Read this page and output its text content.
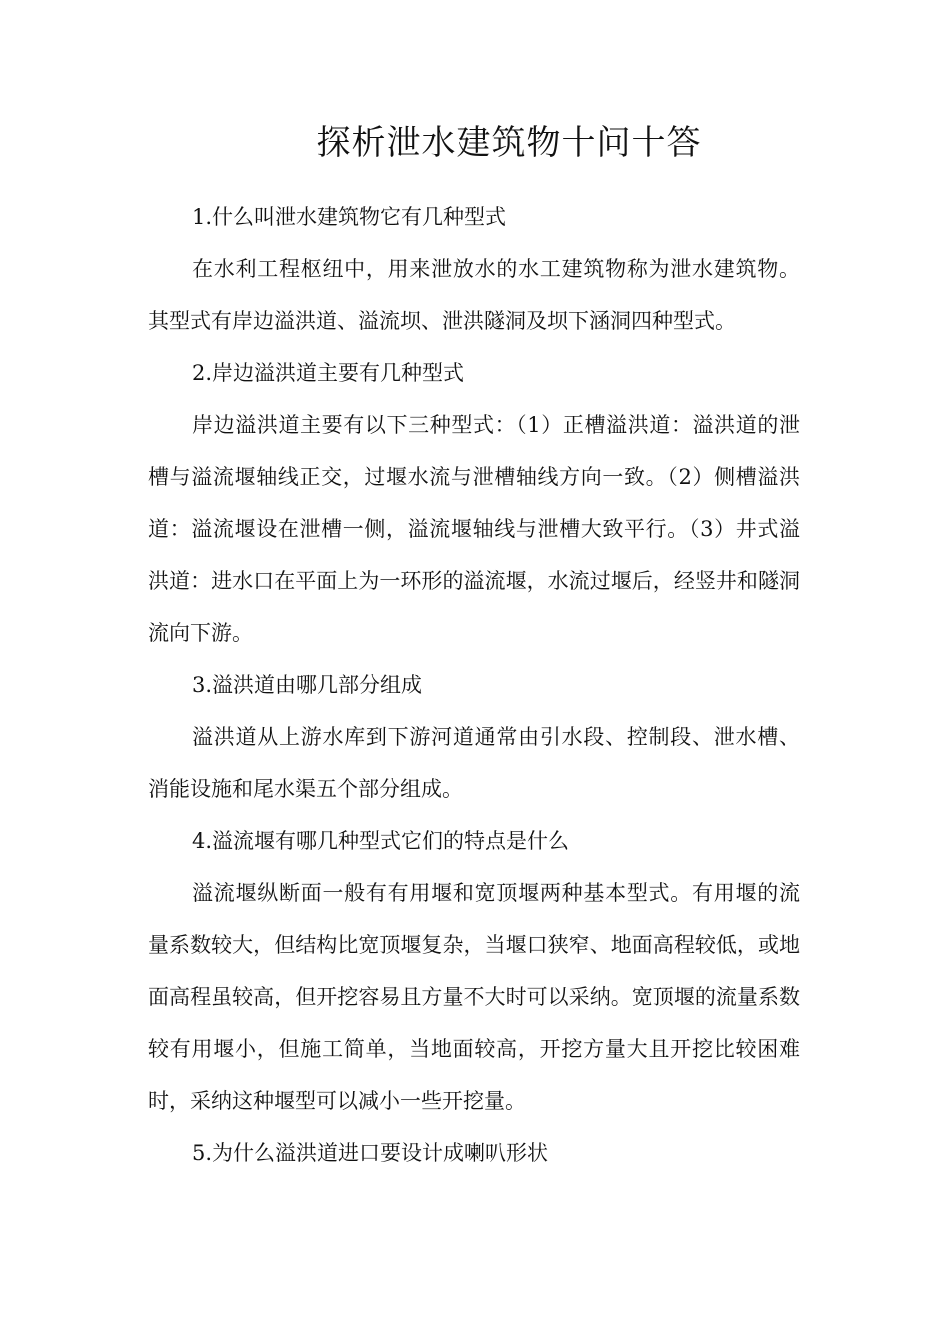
探析泄水建筑物十问十答

1.什么叫泄水建筑物它有几种型式

在水利工程枢纽中，用来泄放水的水工建筑物称为泄水建筑物。其型式有岸边溢洪道、溢流坝、泄洪隧洞及坝下涵洞四种型式。

2.岸边溢洪道主要有几种型式

岸边溢洪道主要有以下三种型式：（1）正槽溢洪道：溢洪道的泄槽与溢流堰轴线正交，过堰水流与泄槽轴线方向一致。（2）侧槽溢洪道：溢流堰设在泄槽一侧，溢流堰轴线与泄槽大致平行。（3）井式溢洪道：进水口在平面上为一环形的溢流堰，水流过堰后，经竖井和隧洞流向下游。

3.溢洪道由哪几部分组成

溢洪道从上游水库到下游河道通常由引水段、控制段、泄水槽、消能设施和尾水渠五个部分组成。

4.溢流堰有哪几种型式它们的特点是什么

溢流堰纵断面一般有有用堰和宽顶堰两种基本型式。有用堰的流量系数较大，但结构比宽顶堰复杂，当堰口狭窄、地面高程较低，或地面高程虽较高，但开挖容易且方量不大时可以采纳。宽顶堰的流量系数较有用堰小，但施工简单，当地面较高，开挖方量大且开挖比较困难时，采纳这种堰型可以减小一些开挖量。

5.为什么溢洪道进口要设计成喇叭形状
